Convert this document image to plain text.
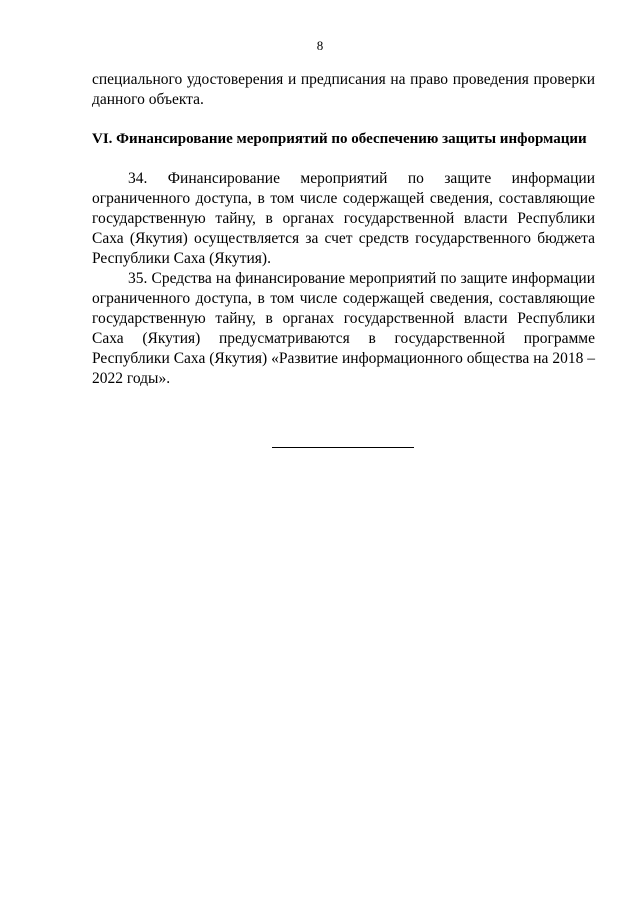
8

специального удостоверения и предписания на право проведения проверки данного объекта.

VI. Финансирование мероприятий по обеспечению защиты информации

34. Финансирование мероприятий по защите информации ограниченного доступа, в том числе содержащей сведения, составляющие государственную тайну, в органах государственной власти Республики Саха (Якутия) осуществляется за счет средств государственного бюджета Республики Саха (Якутия).

35. Средства на финансирование мероприятий по защите информации ограниченного доступа, в том числе содержащей сведения, составляющие государственную тайну, в органах государственной власти Республики Саха (Якутия) предусматриваются в государственной программе Республики Саха (Якутия) «Развитие информационного общества на 2018 – 2022 годы».
